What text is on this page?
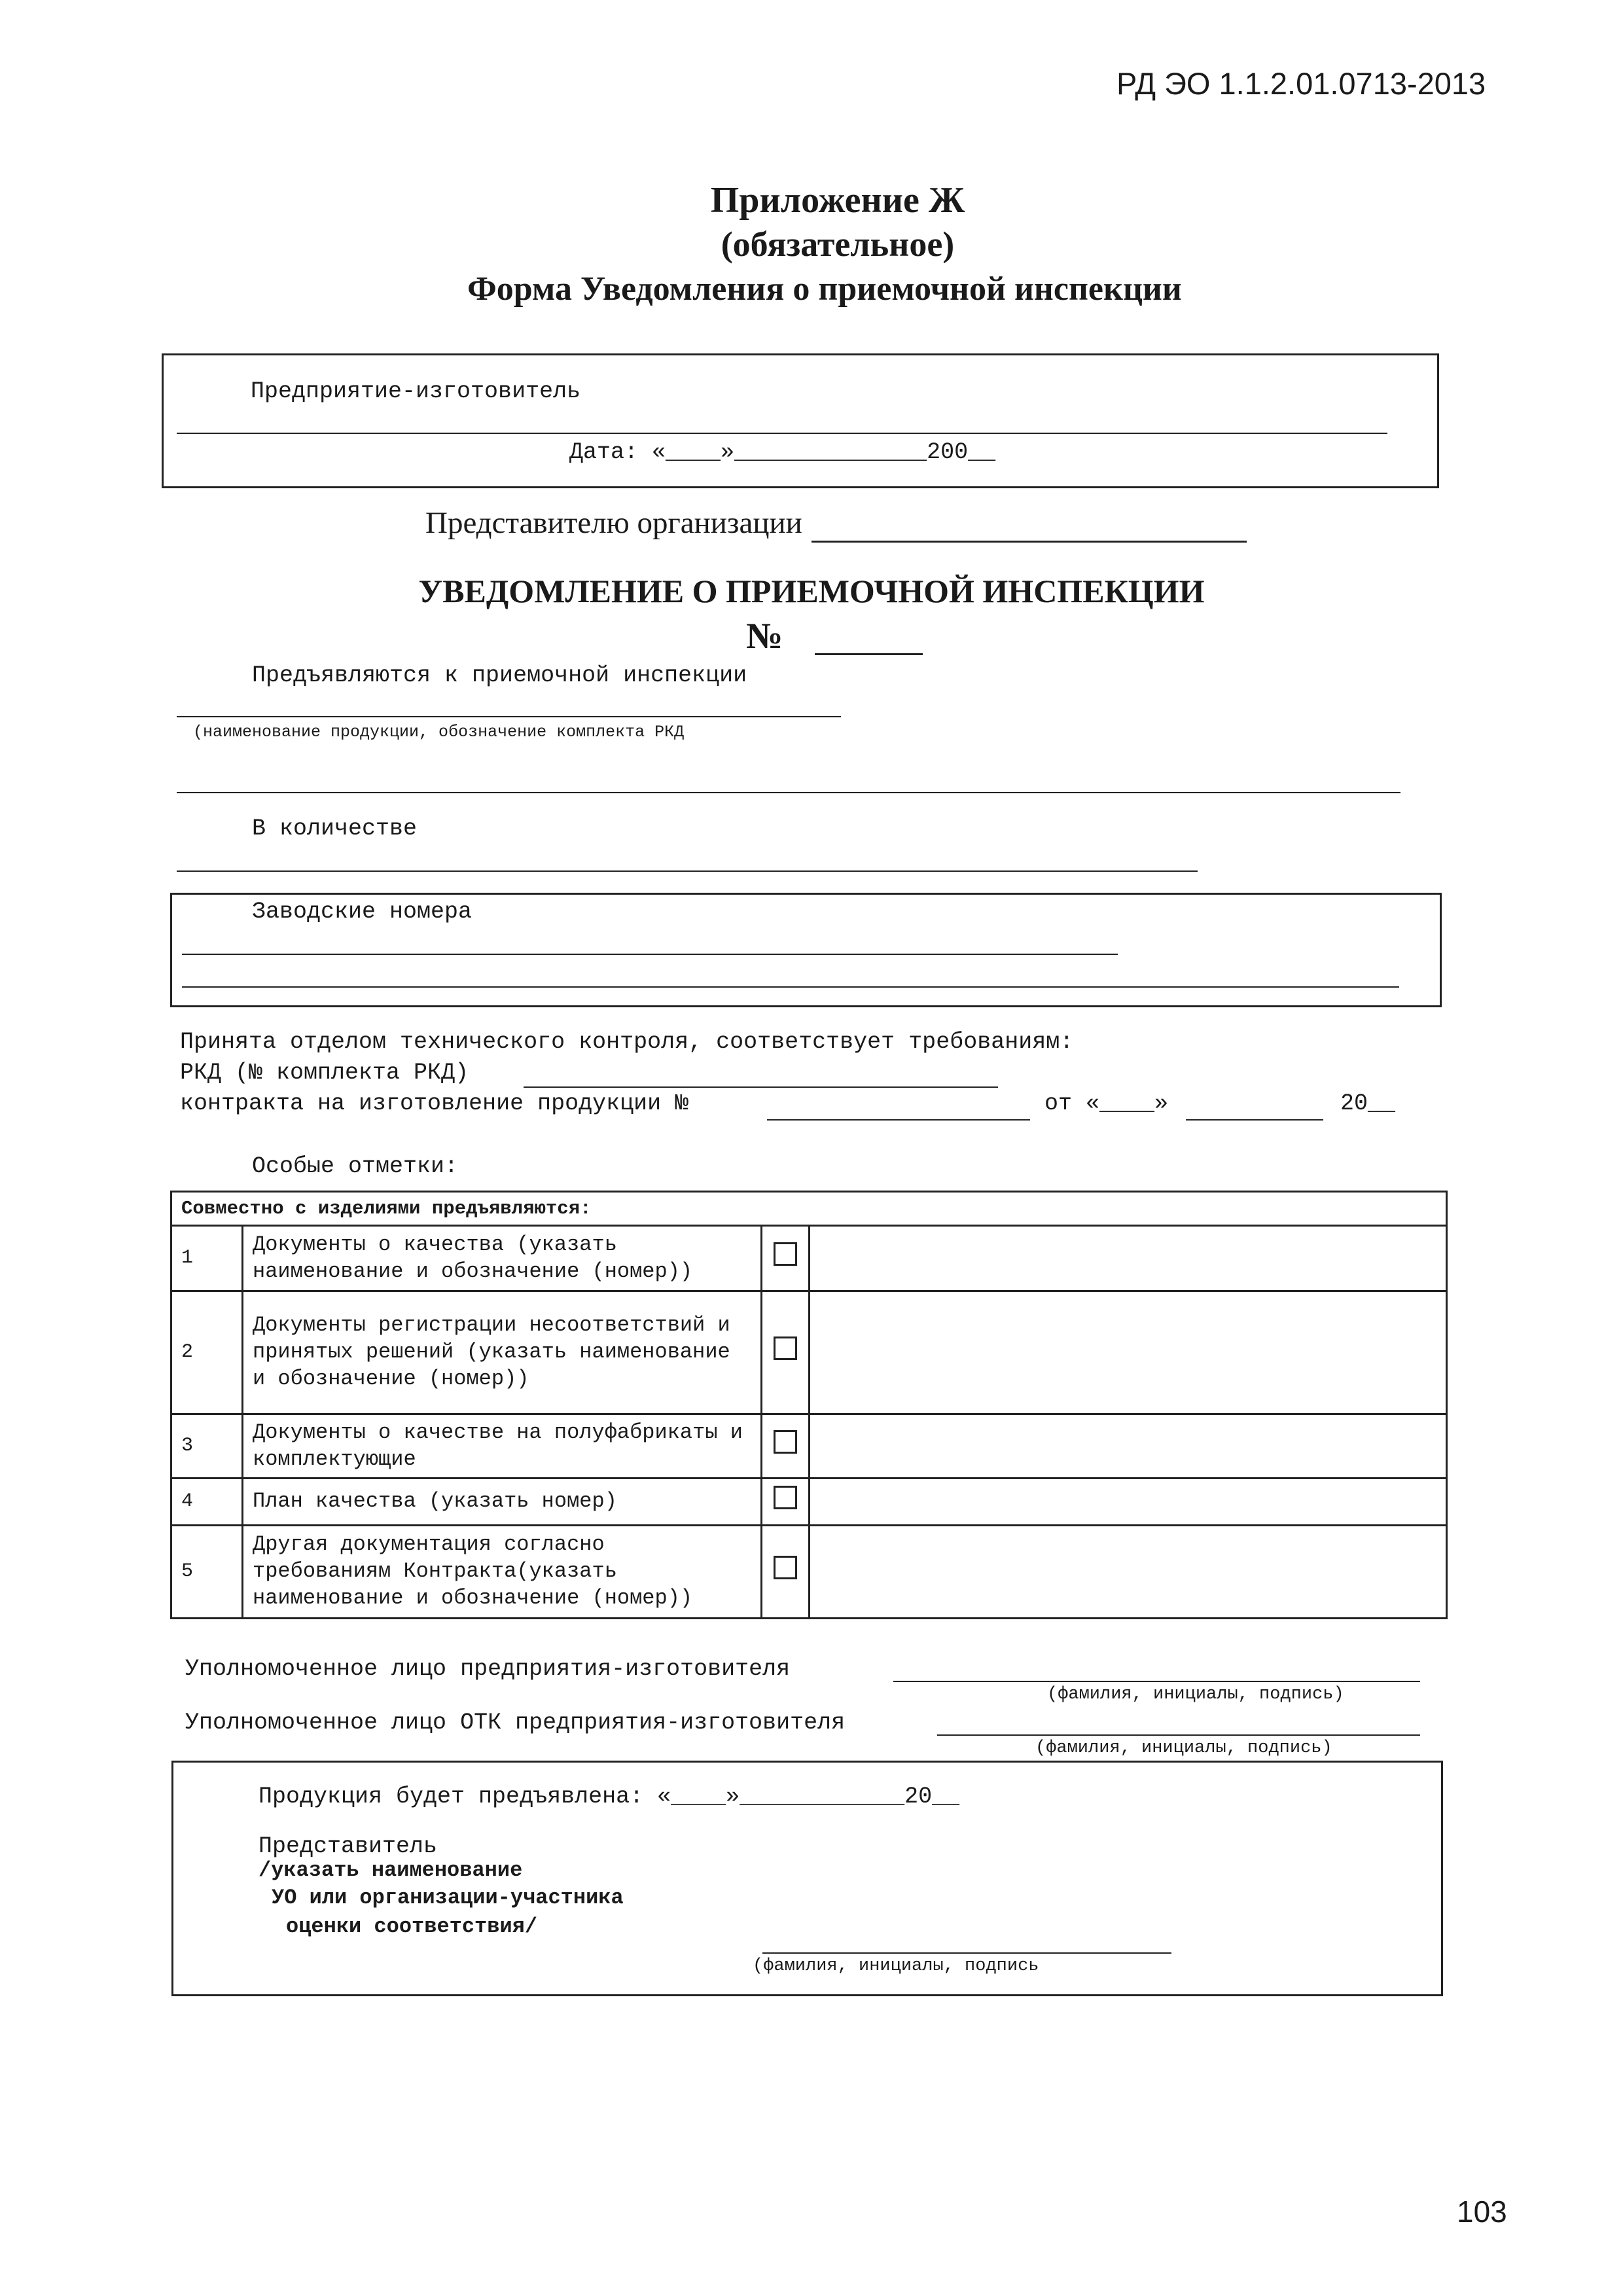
РД ЭО 1.1.2.01.0713-2013
Приложение Ж
(обязательное)
Форма Уведомления о приемочной инспекции
Предприятие-изготовитель
Дата: «____»______________200__
Представителю организации
УВЕДОМЛЕНИЕ О ПРИЕМОЧНОЙ ИНСПЕКЦИИ
№
Предъявляются к приемочной инспекции
(наименование продукции, обозначение комплекта РКД
В количестве
Заводские номера
Принята отделом технического контроля, соответствует требованиям:
РКД (№ комплекта РКД)
контракта на изготовление продукции №	от «____»	20__
Особые отметки:
Совместно с изделиями предъявляются:			
1	Документы о качества (указать наименование и обозначение (номер))		
2	Документы регистрации несоответствий и принятых решений (указать наименование и обозначение (номер))		
3	Документы о качестве на полуфабрикаты и комплектующие		
4	План качества (указать номер)		
5	Другая документация согласно требованиям Контракта(указать наименование и обозначение (номер))		
Уполномоченное лицо предприятия-изготовителя
(фамилия, инициалы, подпись)
Уполномоченное лицо ОТК предприятия-изготовителя
(фамилия, инициалы, подпись)
Продукция будет предъявлена: «____»____________20__
Представитель
/указать наименование
УО или организации-участника
оценки соответствия/
(фамилия, инициалы, подпись
103
